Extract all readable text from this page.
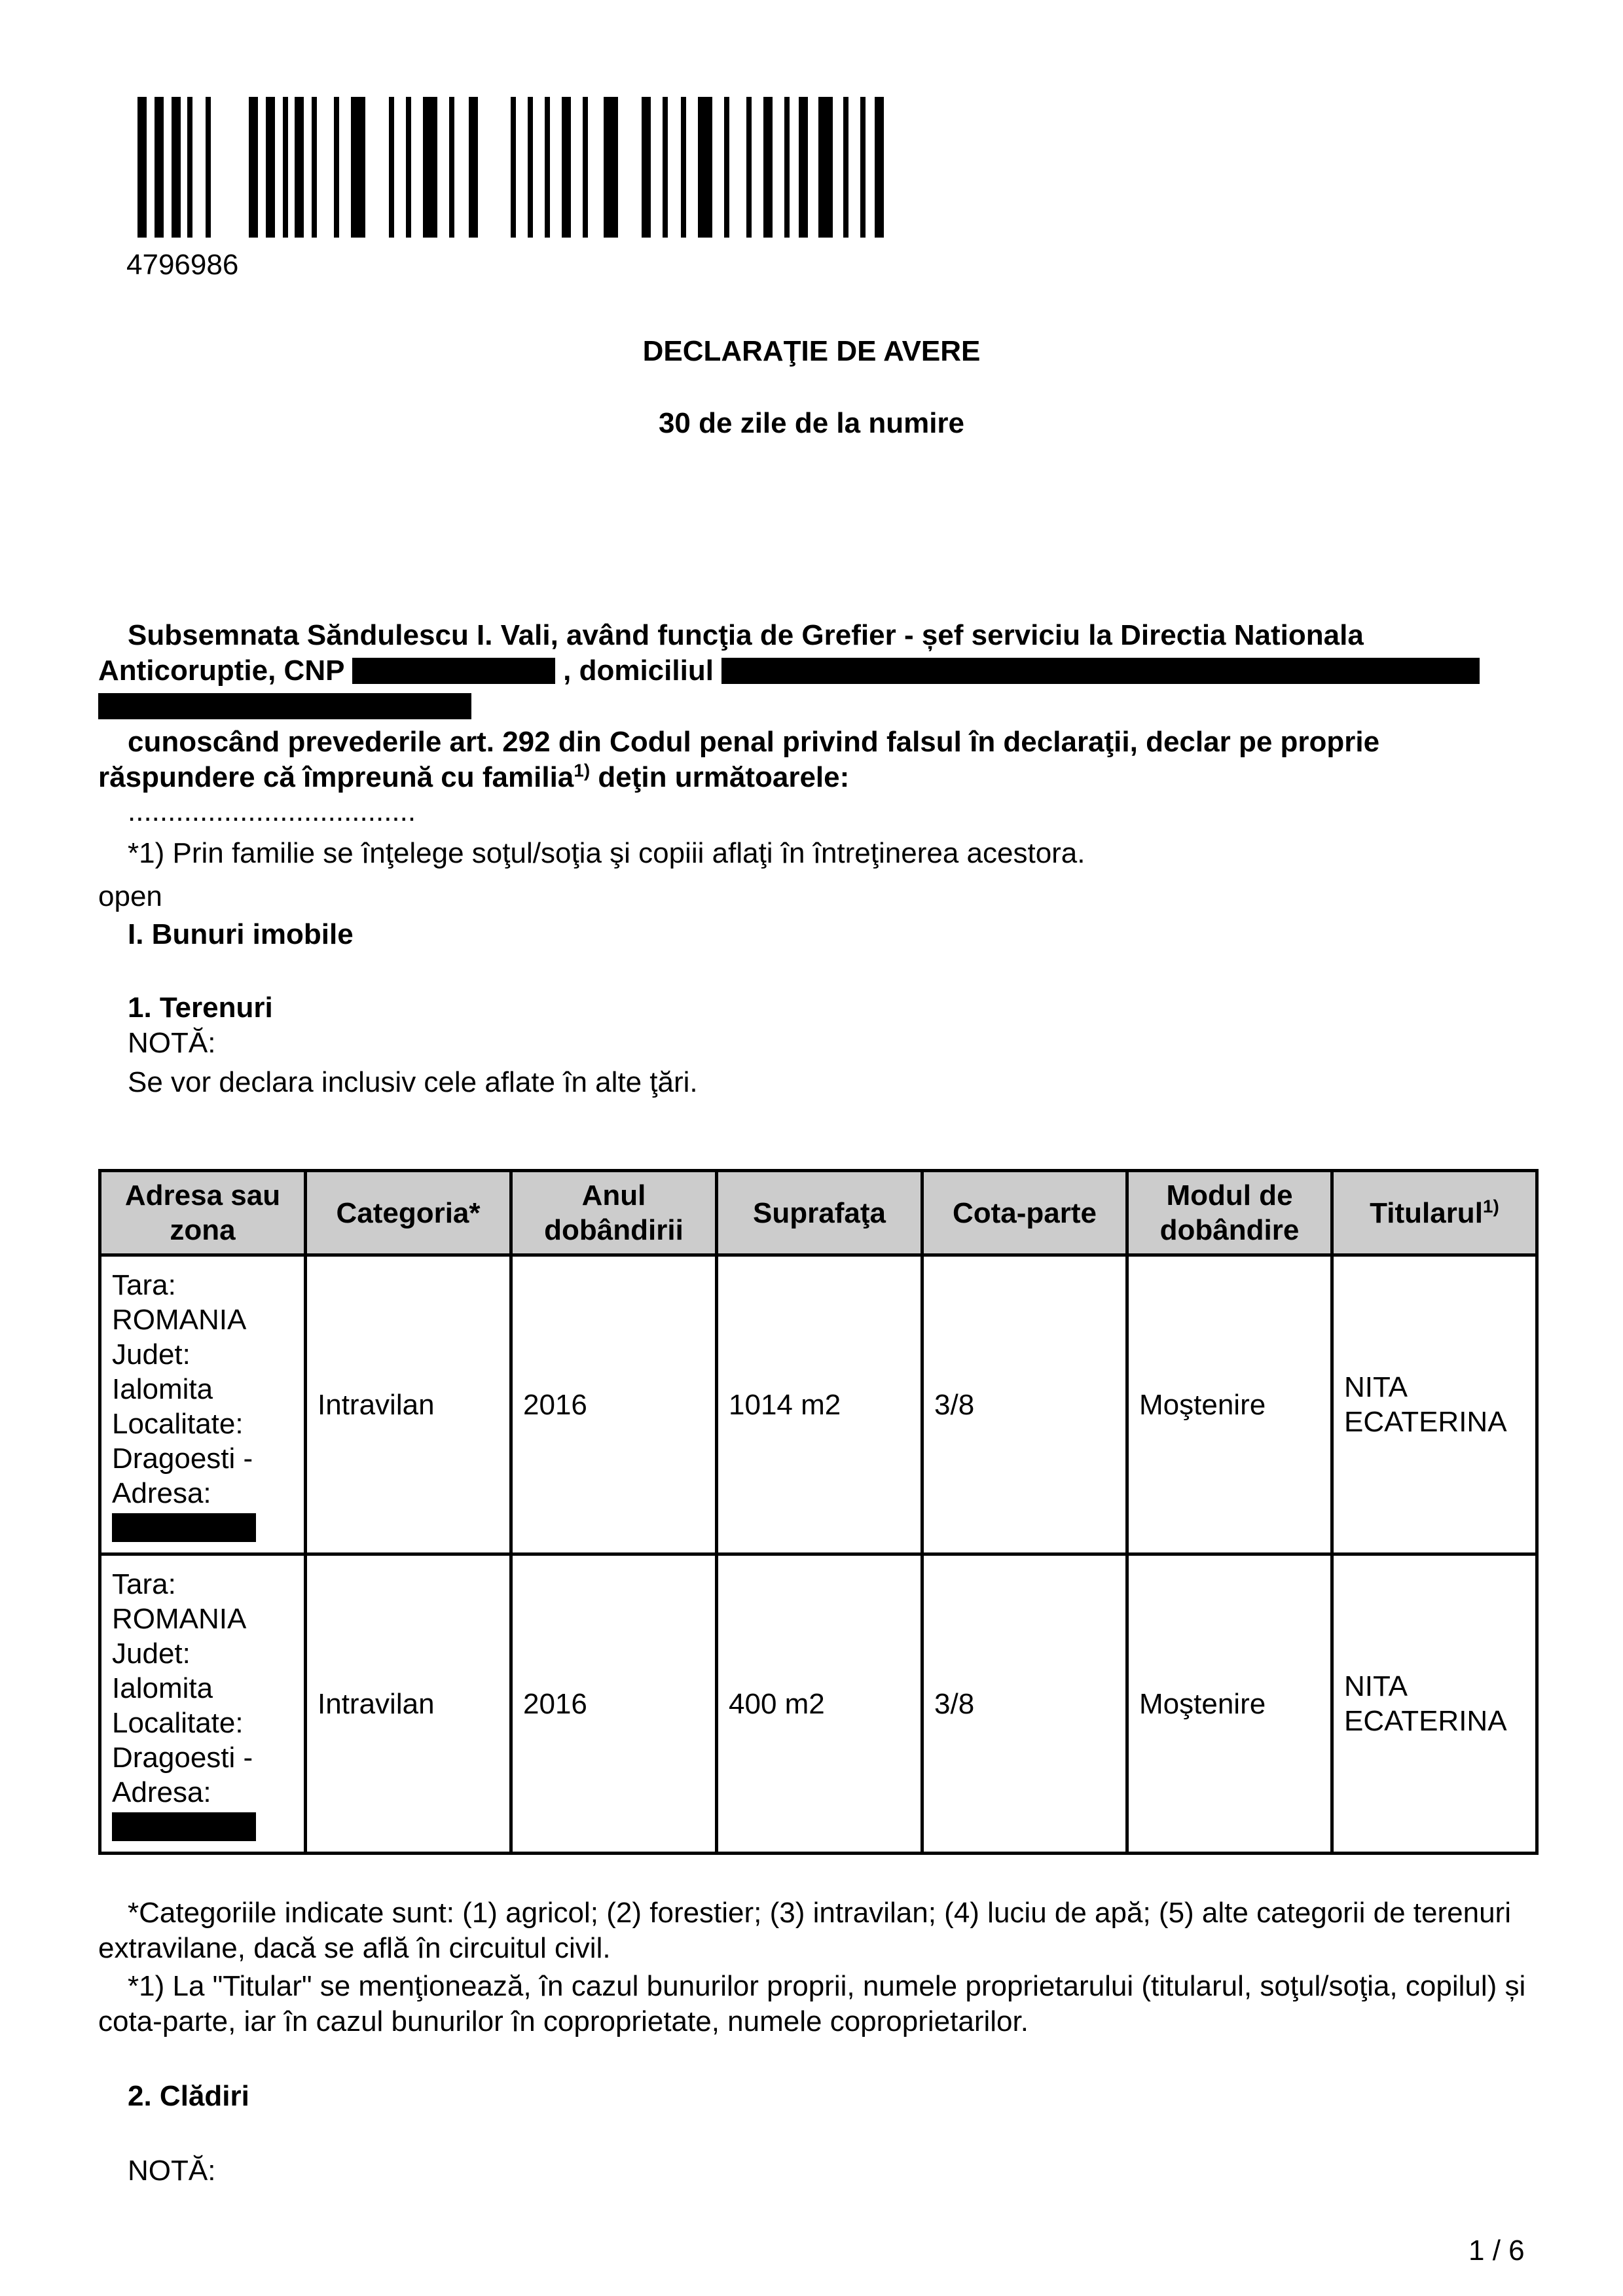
4796986
DECLARAŢIE DE AVERE
30 de zile de la numire
Subsemnata Săndulescu I. Vali, având funcţia de Grefier - șef serviciu la Directia Nationala Anticoruptie, CNP	, domiciliul

cunoscând prevederile art. 292 din Codul penal privind falsul în declaraţii, declar pe proprie
răspundere că împreună cu familia$^{1)}$ deţin următoarele:
....................................
*1) Prin familie se înţelege soţul/soţia şi copiii aflaţi în întreţinerea acestora.
open
I. Bunuri imobile
1. Terenuri
NOTĂ:
Se vor declara inclusiv cele aflate în alte ţări.
Adresa sau zona	Categoria*	Anul dobândirii	Suprafaţa	Cota-parte	Modul de dobândire	Titularul$^{1)}$

Tara: ROMANIA
Judet: Ialomita
Localitate: Dragoesti -
Adresa:	Intravilan	2016	1014 m2	3/8	Moştenire	NITA ECATERINA

Tara: ROMANIA
Judet: Ialomita
Localitate: Dragoesti -
Adresa:	Intravilan	2016	400 m2	3/8	Moştenire	NITA ECATERINA
*Categoriile indicate sunt: (1) agricol; (2) forestier; (3) intravilan; (4) luciu de apă; (5) alte categorii de terenuri extravilane, dacă se află în circuitul civil.
*1) La "Titular" se menţionează, în cazul bunurilor proprii, numele proprietarului (titularul, soţul/soţia, copilul) și cota-parte, iar în cazul bunurilor în coproprietate, numele coproprietarilor.
2. Clădiri
NOTĂ:
1 / 6
